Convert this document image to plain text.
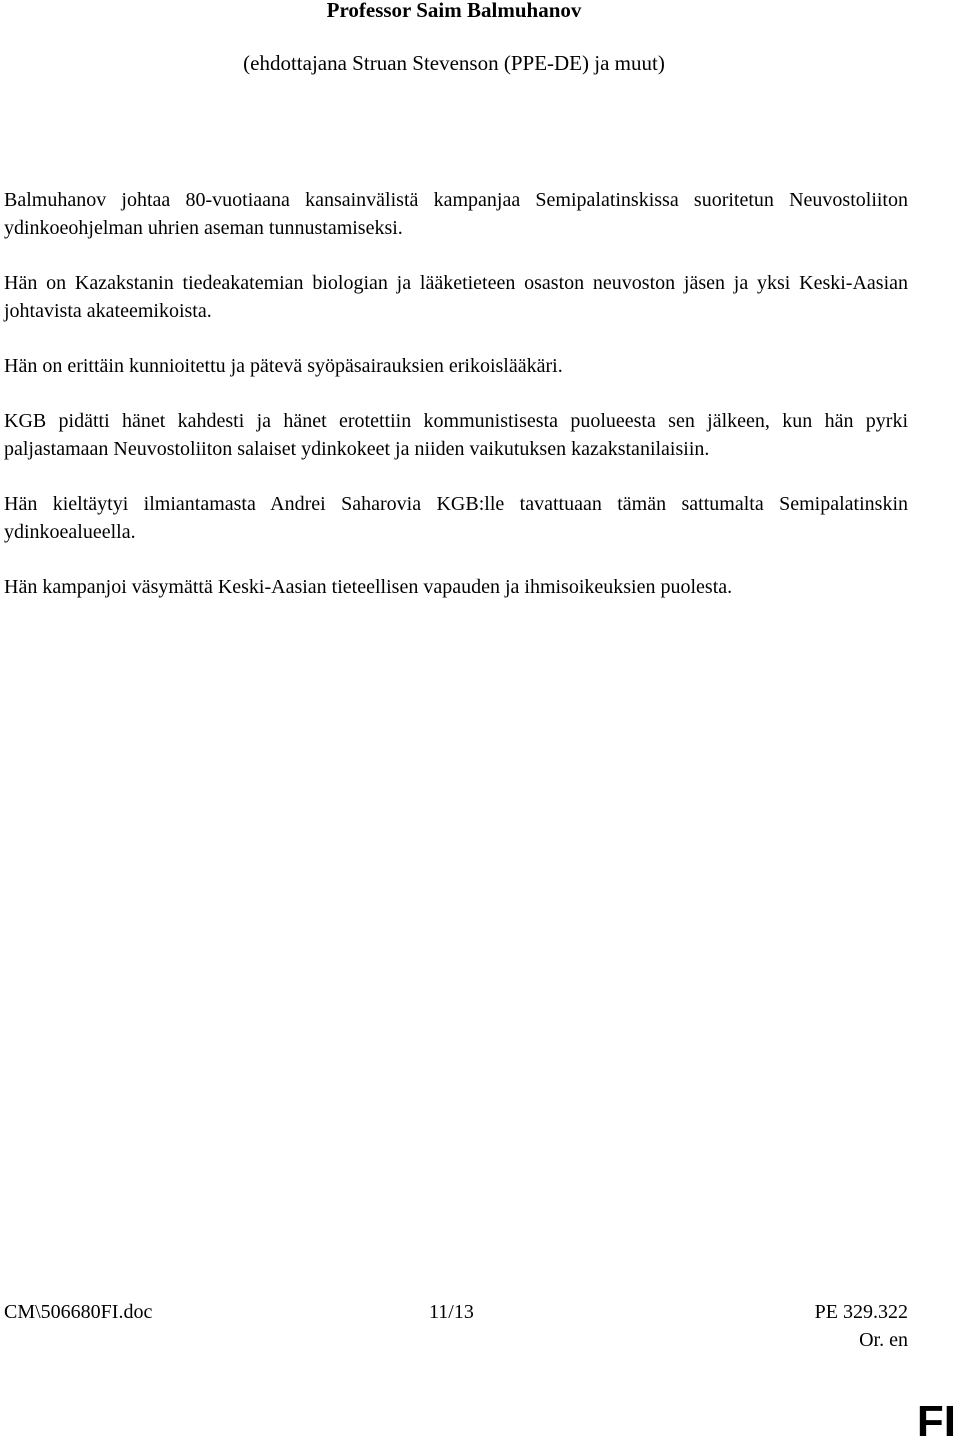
Professor Saim Balmuhanov

(ehdottajana Struan Stevenson (PPE-DE) ja muut)

Balmuhanov johtaa 80-vuotiaana kansainvälistä kampanjaa Semipalatinskissa suoritetun Neuvostoliiton ydinkoeohjelman uhrien aseman tunnustamiseksi.

Hän on Kazakstanin tiedeakatemian biologian ja lääketieteen osaston neuvoston jäsen ja yksi Keski-Aasian johtavista akateemikoista.

Hän on erittäin kunnioitettu ja pätevä syöpäsairauksien erikoislääkäri.

KGB pidätti hänet kahdesti ja hänet erotettiin kommunistisesta puolueesta sen jälkeen, kun hän pyrki paljastamaan Neuvostoliiton salaiset ydinkokeet ja niiden vaikutuksen kazakstanilaisiin.

Hän kieltäytyi ilmiantamasta Andrei Saharovia KGB:lle tavattuaan tämän sattumalta Semipalatinskin ydinkoealueella.

Hän kampanjoi väsymättä Keski-Aasian tieteellisen vapauden ja ihmisoikeuksien puolesta.

CM\506680FI.doc	11/13	PE 329.322
Or. en
FI
